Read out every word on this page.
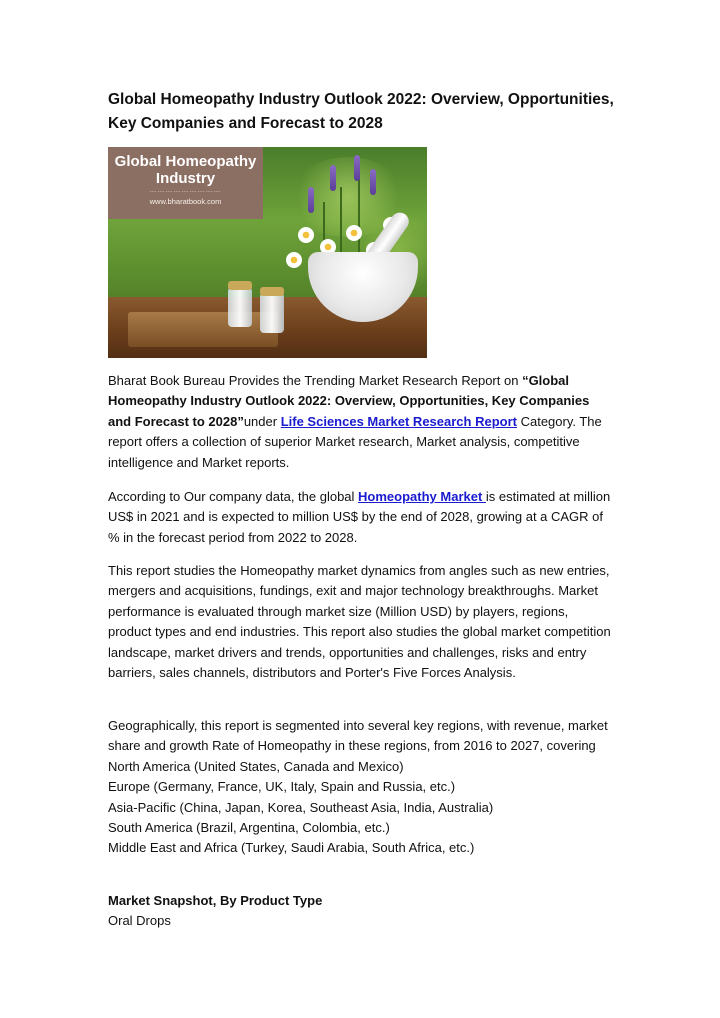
Global Homeopathy Industry Outlook 2022: Overview, Opportunities, Key Companies and Forecast to 2028
Global Homeopathy
Industry
………………………
www.bharatbook.com
Bharat Book Bureau Provides the Trending Market Research Report on “Global Homeopathy Industry Outlook 2022: Overview, Opportunities, Key Companies and Forecast to 2028”under Life Sciences Market Research Report Category. The report offers a collection of superior Market research, Market analysis, competitive intelligence and Market reports.
According to Our company data, the global Homeopathy Market is estimated at million US$ in 2021 and is expected to million US$ by the end of 2028, growing at a CAGR of % in the forecast period from 2022 to 2028.
This report studies the Homeopathy market dynamics from angles such as new entries, mergers and acquisitions, fundings, exit and major technology breakthroughs. Market performance is evaluated through market size (Million USD) by players, regions, product types and end industries. This report also studies the global market competition landscape, market drivers and trends, opportunities and challenges, risks and entry barriers, sales channels, distributors and Porter's Five Forces Analysis.
Geographically, this report is segmented into several key regions, with revenue, market share and growth Rate of Homeopathy in these regions, from 2016 to 2027, covering
North America (United States, Canada and Mexico)
Europe (Germany, France, UK, Italy, Spain and Russia, etc.)
Asia-Pacific (China, Japan, Korea, Southeast Asia, India, Australia)
South America (Brazil, Argentina, Colombia, etc.)
Middle East and Africa (Turkey, Saudi Arabia, South Africa, etc.)
Market Snapshot, By Product Type
Oral Drops
